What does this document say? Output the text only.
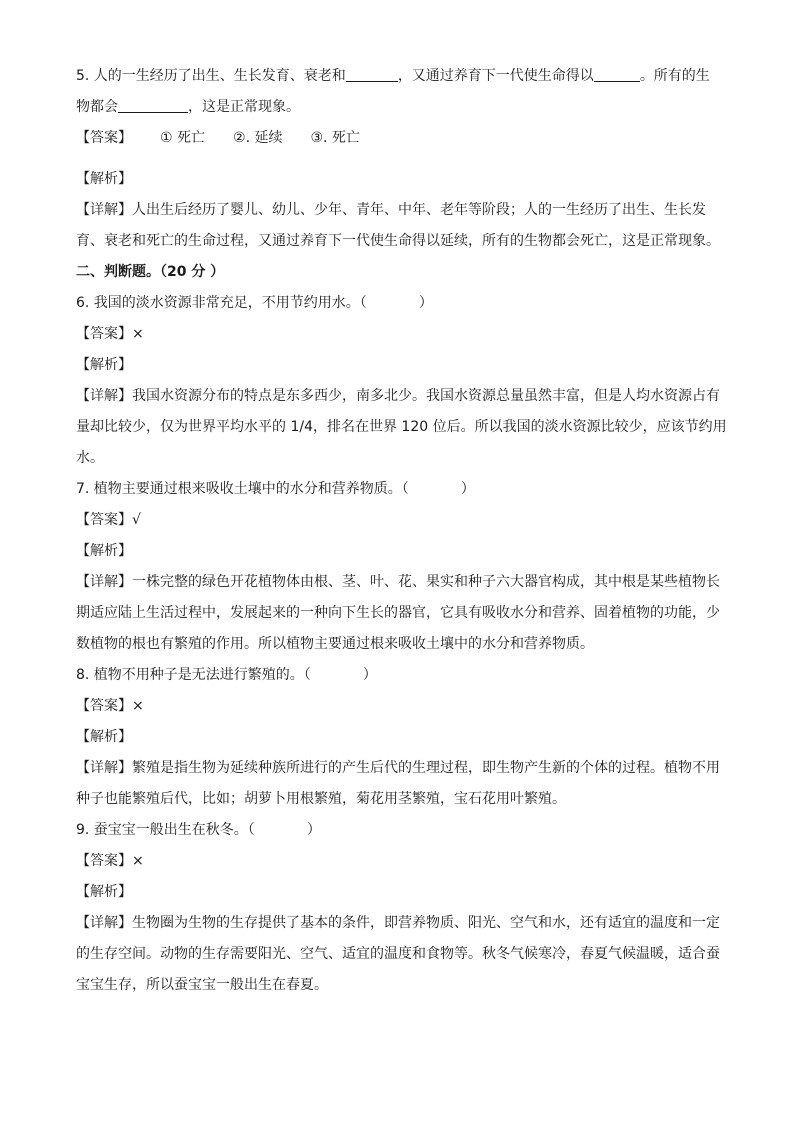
5. 人的一生经历了出生、生长发育、衰老和	，又通过养育下一代使生命得以	。所有的生
物都会	，这是正常现象。
【答案】 ① 死亡 ②. 延续 ③. 死亡
【解析】
【详解】人出生后经历了婴儿、幼儿、少年、青年、中年、老年等阶段；人的一生经历了出生、生长发
育、衰老和死亡的生命过程，又通过养育下一代使生命得以延续，所有的生物都会死亡，这是正常现象。
二、判断题。（20 分 ）
6. 我国的淡水资源非常充足，不用节约用水。（	）
【答案】×
【解析】
【详解】我国水资源分布的特点是东多西少，南多北少。我国水资源总量虽然丰富，但是人均水资源占有
量却比较少，仅为世界平均水平的 1/4，排名在世界 120 位后。所以我国的淡水资源比较少，应该节约用
水。
7. 植物主要通过根来吸收土壤中的水分和营养物质。（	）
【答案】√
【解析】
【详解】一株完整的绿色开花植物体由根、茎、叶、花、果实和种子六大器官构成，其中根是某些植物长
期适应陆上生活过程中，发展起来的一种向下生长的器官，它具有吸收水分和营养、固着植物的功能，少
数植物的根也有繁殖的作用。所以植物主要通过根来吸收土壤中的水分和营养物质。
8. 植物不用种子是无法进行繁殖的。（	）
【答案】×
【解析】
【详解】繁殖是指生物为延续种族所进行的产生后代的生理过程，即生物产生新的个体的过程。植物不用
种子也能繁殖后代，比如；胡萝卜用根繁殖，菊花用茎繁殖，宝石花用叶繁殖。
9. 蚕宝宝一般出生在秋冬。（	）
【答案】×
【解析】
【详解】生物圈为生物的生存提供了基本的条件，即营养物质、阳光、空气和水，还有适宜的温度和一定
的生存空间。动物的生存需要阳光、空气、适宜的温度和食物等。秋冬气候寒冷，春夏气候温暖，适合蚕
宝宝生存，所以蚕宝宝一般出生在春夏。
